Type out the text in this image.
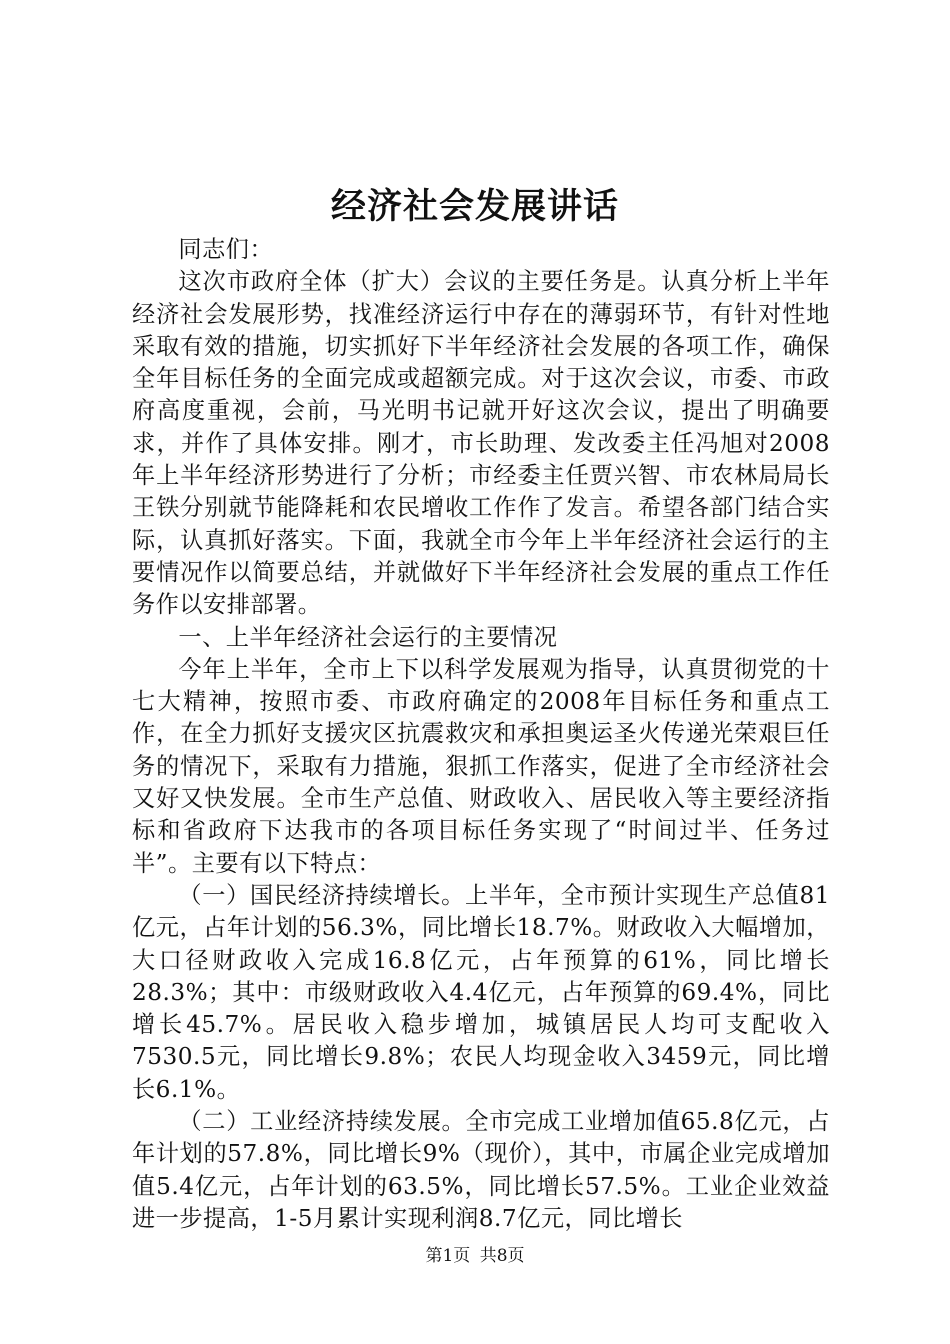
经济社会发展讲话

同志们：

这次市政府全体（扩大）会议的主要任务是。认真分析上半年经济社会发展形势，找准经济运行中存在的薄弱环节，有针对性地采取有效的措施，切实抓好下半年经济社会发展的各项工作，确保全年目标任务的全面完成或超额完成。对于这次会议，市委、市政府高度重视，会前，马光明书记就开好这次会议，提出了明确要求，并作了具体安排。刚才，市长助理、发改委主任冯旭对2008年上半年经济形势进行了分析；市经委主任贾兴智、市农林局局长王铁分别就节能降耗和农民增收工作作了发言。希望各部门结合实际，认真抓好落实。下面，我就全市今年上半年经济社会运行的主要情况作以简要总结，并就做好下半年经济社会发展的重点工作任务作以安排部署。

一、上半年经济社会运行的主要情况

今年上半年，全市上下以科学发展观为指导，认真贯彻党的十七大精神，按照市委、市政府确定的2008年目标任务和重点工作，在全力抓好支援灾区抗震救灾和承担奥运圣火传递光荣艰巨任务的情况下，采取有力措施，狠抓工作落实，促进了全市经济社会又好又快发展。全市生产总值、财政收入、居民收入等主要经济指标和省政府下达我市的各项目标任务实现了“时间过半、任务过半”。主要有以下特点：

（一）国民经济持续增长。上半年，全市预计实现生产总值81亿元，占年计划的56.3%，同比增长18.7%。财政收入大幅增加，大口径财政收入完成16.8亿元，占年预算的61%，同比增长28.3%；其中：市级财政收入4.4亿元，占年预算的69.4%，同比增长45.7%。居民收入稳步增加，城镇居民人均可支配收入7530.5元，同比增长9.8%；农民人均现金收入3459元，同比增长6.1%。

（二）工业经济持续发展。全市完成工业增加值65.8亿元，占年计划的57.8%，同比增长9%（现价），其中，市属企业完成增加值5.4亿元，占年计划的63.5%，同比增长57.5%。工业企业效益进一步提高，1-5月累计实现利润8.7亿元，同比增长

第1页 共8页
